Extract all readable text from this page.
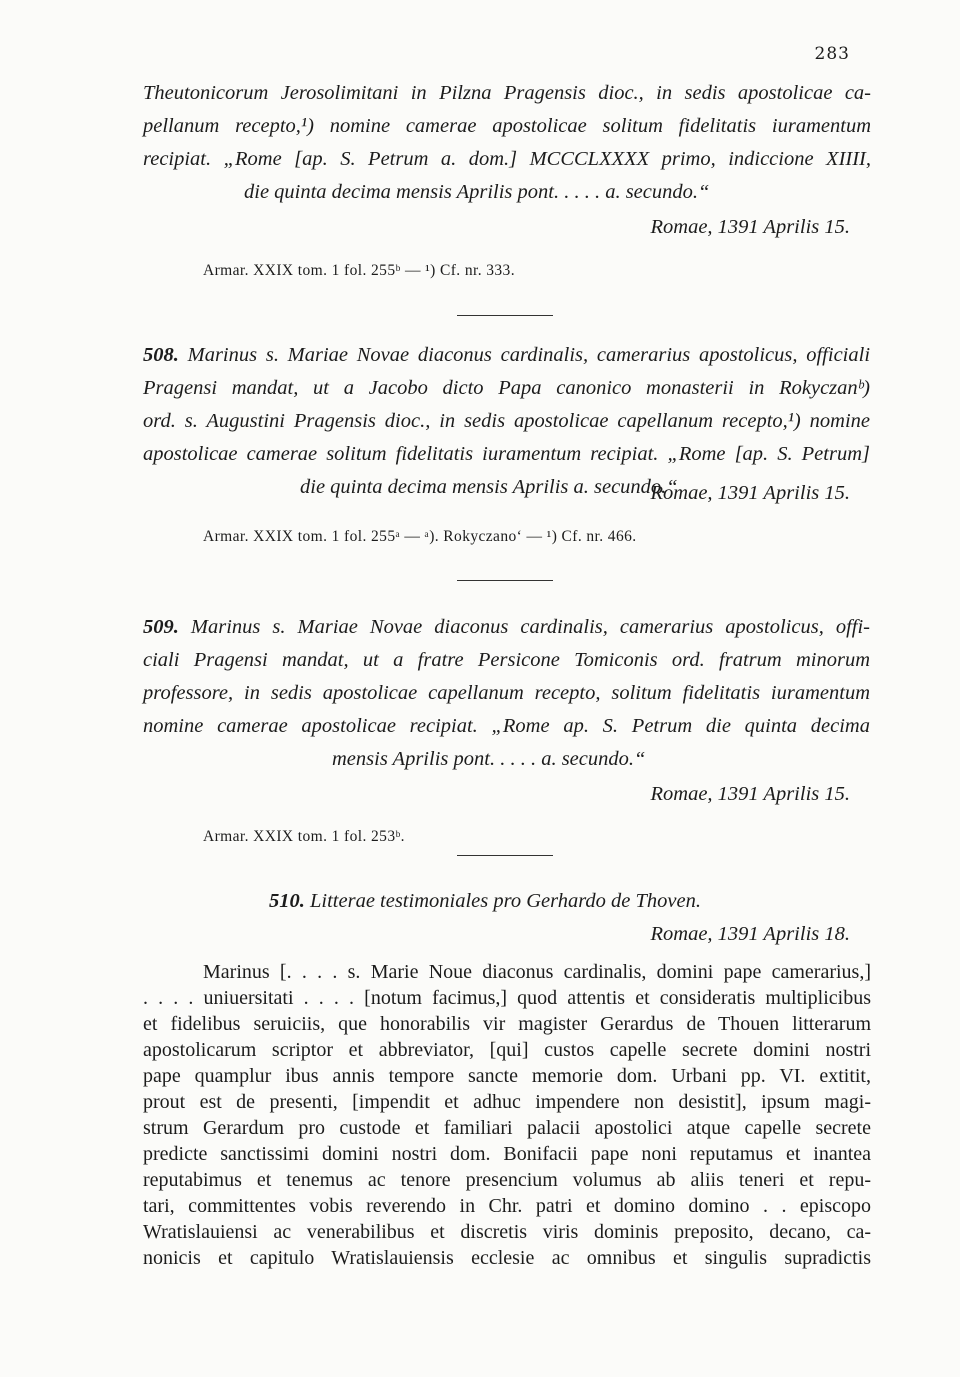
283
Theutonicorum Jerosolimitani in Pilzna Pragensis dioc., in sedis apostolicae ca-
pellanum recepto,¹) nomine camerae apostolicae solitum fidelitatis iuramentum
recipiat. „Rome [ap. S. Petrum a. dom.] MCCCLXXXX primo, indiccione XIIII,
die quinta decima mensis Aprilis pont. . . . . a. secundo.“
Romae, 1391 Aprilis 15.
Armar. XXIX tom. 1 fol. 255ᵇ — ¹) Cf. nr. 333.
508. Marinus s. Mariae Novae diaconus cardinalis, camerarius apostolicus, officiali
Pragensi mandat, ut a Jacobo dicto Papa canonico monasterii in Rokyczanᵇ)
ord. s. Augustini Pragensis dioc., in sedis apostolicae capellanum recepto,¹) nomine
apostolicae camerae solitum fidelitatis iuramentum recipiat. „Rome [ap. S. Petrum]
die quinta decima mensis Aprilis a. secundo.“
Romae, 1391 Aprilis 15.
Armar. XXIX tom. 1 fol. 255ᵃ — ᵃ). Rokyczano‘ — ¹) Cf. nr. 466.
509. Marinus s. Mariae Novae diaconus cardinalis, camerarius apostolicus, offi-
ciali Pragensi mandat, ut a fratre Persicone Tomiconis ord. fratrum minorum
professore, in sedis apostolicae capellanum recepto, solitum fidelitatis iuramentum
nomine camerae apostolicae recipiat. „Rome ap. S. Petrum die quinta decima
mensis Aprilis pont. . . . . a. secundo.“
Romae, 1391 Aprilis 15.
Armar. XXIX tom. 1 fol. 253ᵇ.
510. Litterae testimoniales pro Gerhardo de Thoven.
Romae, 1391 Aprilis 18.
Marinus [. . . . s. Marie Noue diaconus cardinalis, domini pape camerarius,]
. . . . uniuersitati . . . . [notum facimus,] quod attentis et consideratis multiplicibus
et fidelibus seruiciis, que honorabilis vir magister Gerardus de Thouen litterarum
apostolicarum scriptor et abbreviator, [qui] custos capelle secrete domini nostri
pape quamplur ibus annis tempore sancte memorie dom. Urbani pp. VI. extitit,
prout est de presenti, [impendit et adhuc impendere non desistit], ipsum magi-
strum Gerardum pro custode et familiari palacii apostolici atque capelle secrete
predicte sanctissimi domini nostri dom. Bonifacii pape noni reputamus et inantea
reputabimus et tenemus ac tenore presencium volumus ab aliis teneri et repu-
tari, committentes vobis reverendo in Chr. patri et domino domino . . episcopo
Wratislauiensi ac venerabilibus et discretis viris dominis preposito, decano, ca-
nonicis et capitulo Wratislauiensis ecclesie ac omnibus et singulis supradictis
